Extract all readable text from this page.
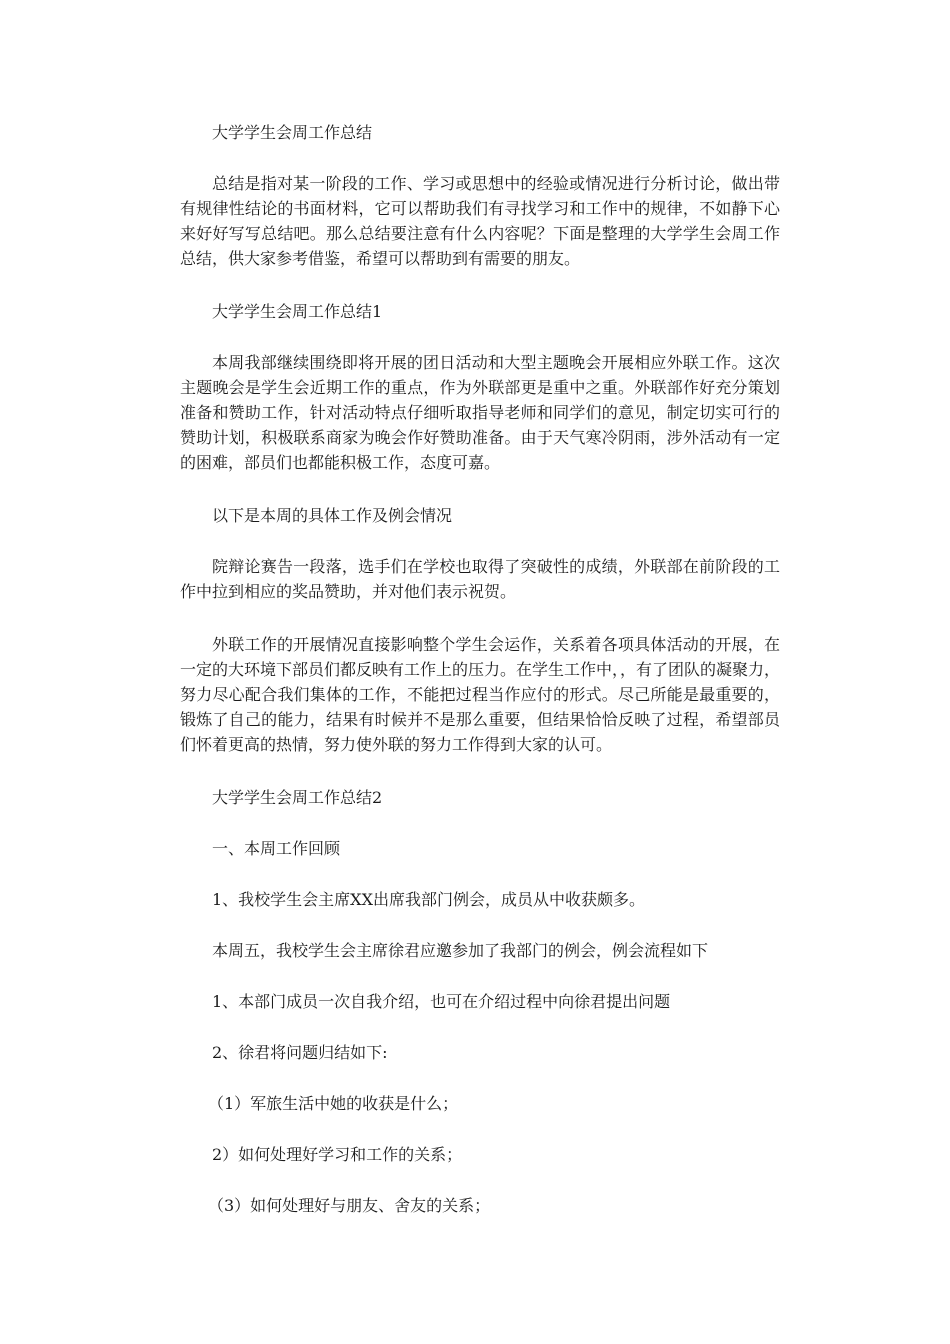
大学学生会周工作总结

总结是指对某一阶段的工作、学习或思想中的经验或情况进行分析讨论，做出带有规律性结论的书面材料，它可以帮助我们有寻找学习和工作中的规律，不如静下心来好好写写总结吧。那么总结要注意有什么内容呢？下面是整理的大学学生会周工作总结，供大家参考借鉴，希望可以帮助到有需要的朋友。

大学学生会周工作总结1

本周我部继续围绕即将开展的团日活动和大型主题晚会开展相应外联工作。这次主题晚会是学生会近期工作的重点，作为外联部更是重中之重。外联部作好充分策划准备和赞助工作，针对活动特点仔细听取指导老师和同学们的意见，制定切实可行的赞助计划，积极联系商家为晚会作好赞助准备。由于天气寒冷阴雨，涉外活动有一定的困难，部员们也都能积极工作，态度可嘉。

以下是本周的具体工作及例会情况

院辩论赛告一段落，选手们在学校也取得了突破性的成绩，外联部在前阶段的工作中拉到相应的奖品赞助，并对他们表示祝贺。

外联工作的开展情况直接影响整个学生会运作，关系着各项具体活动的开展，在一定的大环境下部员们都反映有工作上的压力。在学生工作中，，有了团队的凝聚力，努力尽心配合我们集体的工作，不能把过程当作应付的形式。尽己所能是最重要的，锻炼了自己的能力，结果有时候并不是那么重要，但结果恰恰反映了过程，希望部员们怀着更高的热情，努力使外联的努力工作得到大家的认可。

大学学生会周工作总结2

一、本周工作回顾

1、我校学生会主席XX出席我部门例会，成员从中收获颇多。

本周五，我校学生会主席徐君应邀参加了我部门的例会，例会流程如下

1、本部门成员一次自我介绍，也可在介绍过程中向徐君提出问题

2、徐君将问题归结如下:

（1）军旅生活中她的收获是什么；

2）如何处理好学习和工作的关系；

（3）如何处理好与朋友、舍友的关系；
